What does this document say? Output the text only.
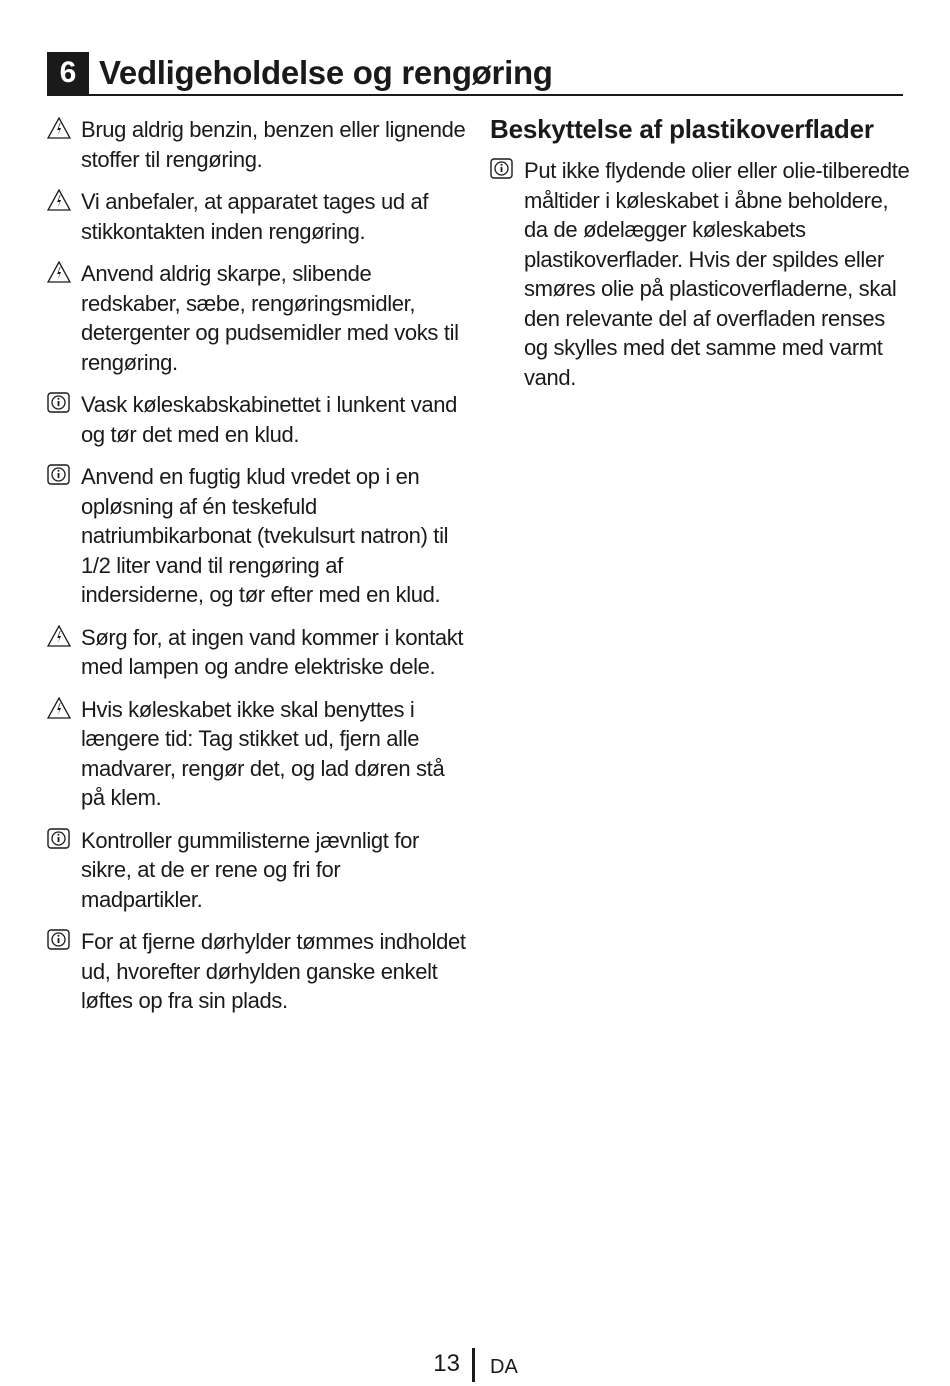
6 Vedligeholdelse og rengøring
Brug aldrig benzin, benzen eller lignende stoffer til rengøring.
Vi anbefaler, at apparatet tages ud af stikkontakten inden rengøring.
Anvend aldrig skarpe, slibende redskaber, sæbe, rengøringsmidler, detergenter og pudsemidler med voks til rengøring.
Vask køleskabskabinettet i lunkent vand og tør det med en klud.
Anvend en fugtig klud vredet op i en opløsning af én teskefuld natriumbikarbonat (tvekulsurt natron) til 1/2 liter vand til rengøring af indersiderne, og tør efter med en klud.
Sørg for, at ingen vand kommer i kontakt med lampen og andre elektriske dele.
Hvis køleskabet ikke skal benyttes i længere tid: Tag stikket ud, fjern alle madvarer, rengør det, og lad døren stå på klem.
Kontroller gummilisterne jævnligt for sikre, at de er rene og fri for madpartikler.
For at fjerne dørhylder tømmes indholdet ud, hvorefter dørhylden ganske enkelt løftes op fra sin plads.
Beskyttelse af plastikoverflader
Put ikke flydende olier eller olie-tilberedte måltider i køleskabet i åbne beholdere, da de ødelægger køleskabets plastikoverflader. Hvis der spildes eller smøres olie på plasticoverfladerne, skal den relevante del af overfladen renses og skylles med det samme med varmt vand.
13 DA
